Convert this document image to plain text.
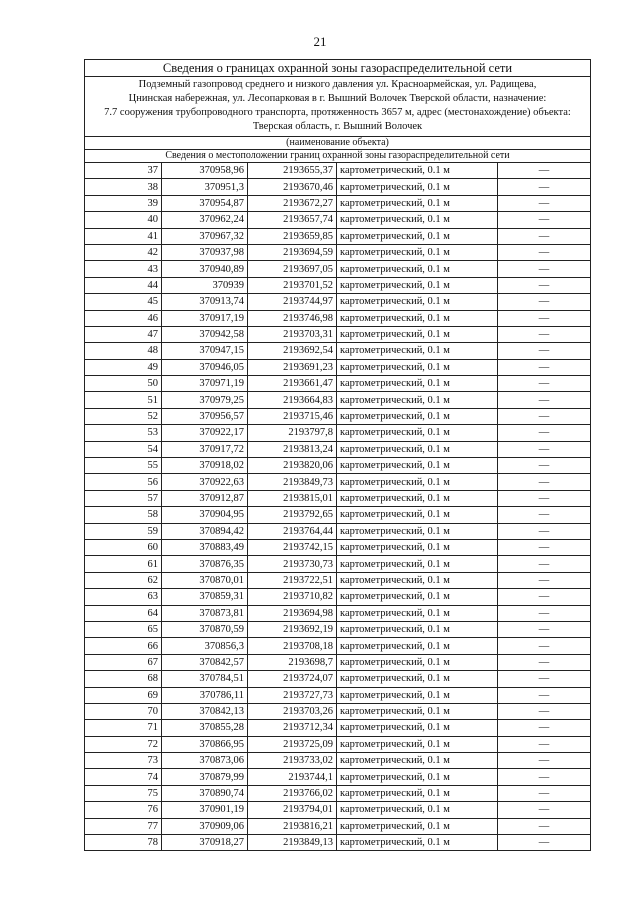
21
Сведения о границах охранной зоны газораспределительной сети
Подземный газопровод среднего и низкого давления ул. Красноармейская, ул. Радищева,
Цнинская набережная, ул. Лесопарковая в г. Вышний Волочек Тверской области, назначение:
7.7 сооружения трубопроводного транспорта, протяженность 3657 м, адрес (местонахождение) объекта:
Тверская область, г. Вышний Волочек
(наименование объекта)
Сведения о местоположении границ охранной зоны газораспределительной сети
37	370958,96	2193655,37	картометрический, 0.1 м	—
38	370951,3	2193670,46	картометрический, 0.1 м	—
39	370954,87	2193672,27	картометрический, 0.1 м	—
40	370962,24	2193657,74	картометрический, 0.1 м	—
41	370967,32	2193659,85	картометрический, 0.1 м	—
42	370937,98	2193694,59	картометрический, 0.1 м	—
43	370940,89	2193697,05	картометрический, 0.1 м	—
44	370939	2193701,52	картометрический, 0.1 м	—
45	370913,74	2193744,97	картометрический, 0.1 м	—
46	370917,19	2193746,98	картометрический, 0.1 м	—
47	370942,58	2193703,31	картометрический, 0.1 м	—
48	370947,15	2193692,54	картометрический, 0.1 м	—
49	370946,05	2193691,23	картометрический, 0.1 м	—
50	370971,19	2193661,47	картометрический, 0.1 м	—
51	370979,25	2193664,83	картометрический, 0.1 м	—
52	370956,57	2193715,46	картометрический, 0.1 м	—
53	370922,17	2193797,8	картометрический, 0.1 м	—
54	370917,72	2193813,24	картометрический, 0.1 м	—
55	370918,02	2193820,06	картометрический, 0.1 м	—
56	370922,63	2193849,73	картометрический, 0.1 м	—
57	370912,87	2193815,01	картометрический, 0.1 м	—
58	370904,95	2193792,65	картометрический, 0.1 м	—
59	370894,42	2193764,44	картометрический, 0.1 м	—
60	370883,49	2193742,15	картометрический, 0.1 м	—
61	370876,35	2193730,73	картометрический, 0.1 м	—
62	370870,01	2193722,51	картометрический, 0.1 м	—
63	370859,31	2193710,82	картометрический, 0.1 м	—
64	370873,81	2193694,98	картометрический, 0.1 м	—
65	370870,59	2193692,19	картометрический, 0.1 м	—
66	370856,3	2193708,18	картометрический, 0.1 м	—
67	370842,57	2193698,7	картометрический, 0.1 м	—
68	370784,51	2193724,07	картометрический, 0.1 м	—
69	370786,11	2193727,73	картометрический, 0.1 м	—
70	370842,13	2193703,26	картометрический, 0.1 м	—
71	370855,28	2193712,34	картометрический, 0.1 м	—
72	370866,95	2193725,09	картометрический, 0.1 м	—
73	370873,06	2193733,02	картометрический, 0.1 м	—
74	370879,99	2193744,1	картометрический, 0.1 м	—
75	370890,74	2193766,02	картометрический, 0.1 м	—
76	370901,19	2193794,01	картометрический, 0.1 м	—
77	370909,06	2193816,21	картометрический, 0.1 м	—
78	370918,27	2193849,13	картометрический, 0.1 м	—
